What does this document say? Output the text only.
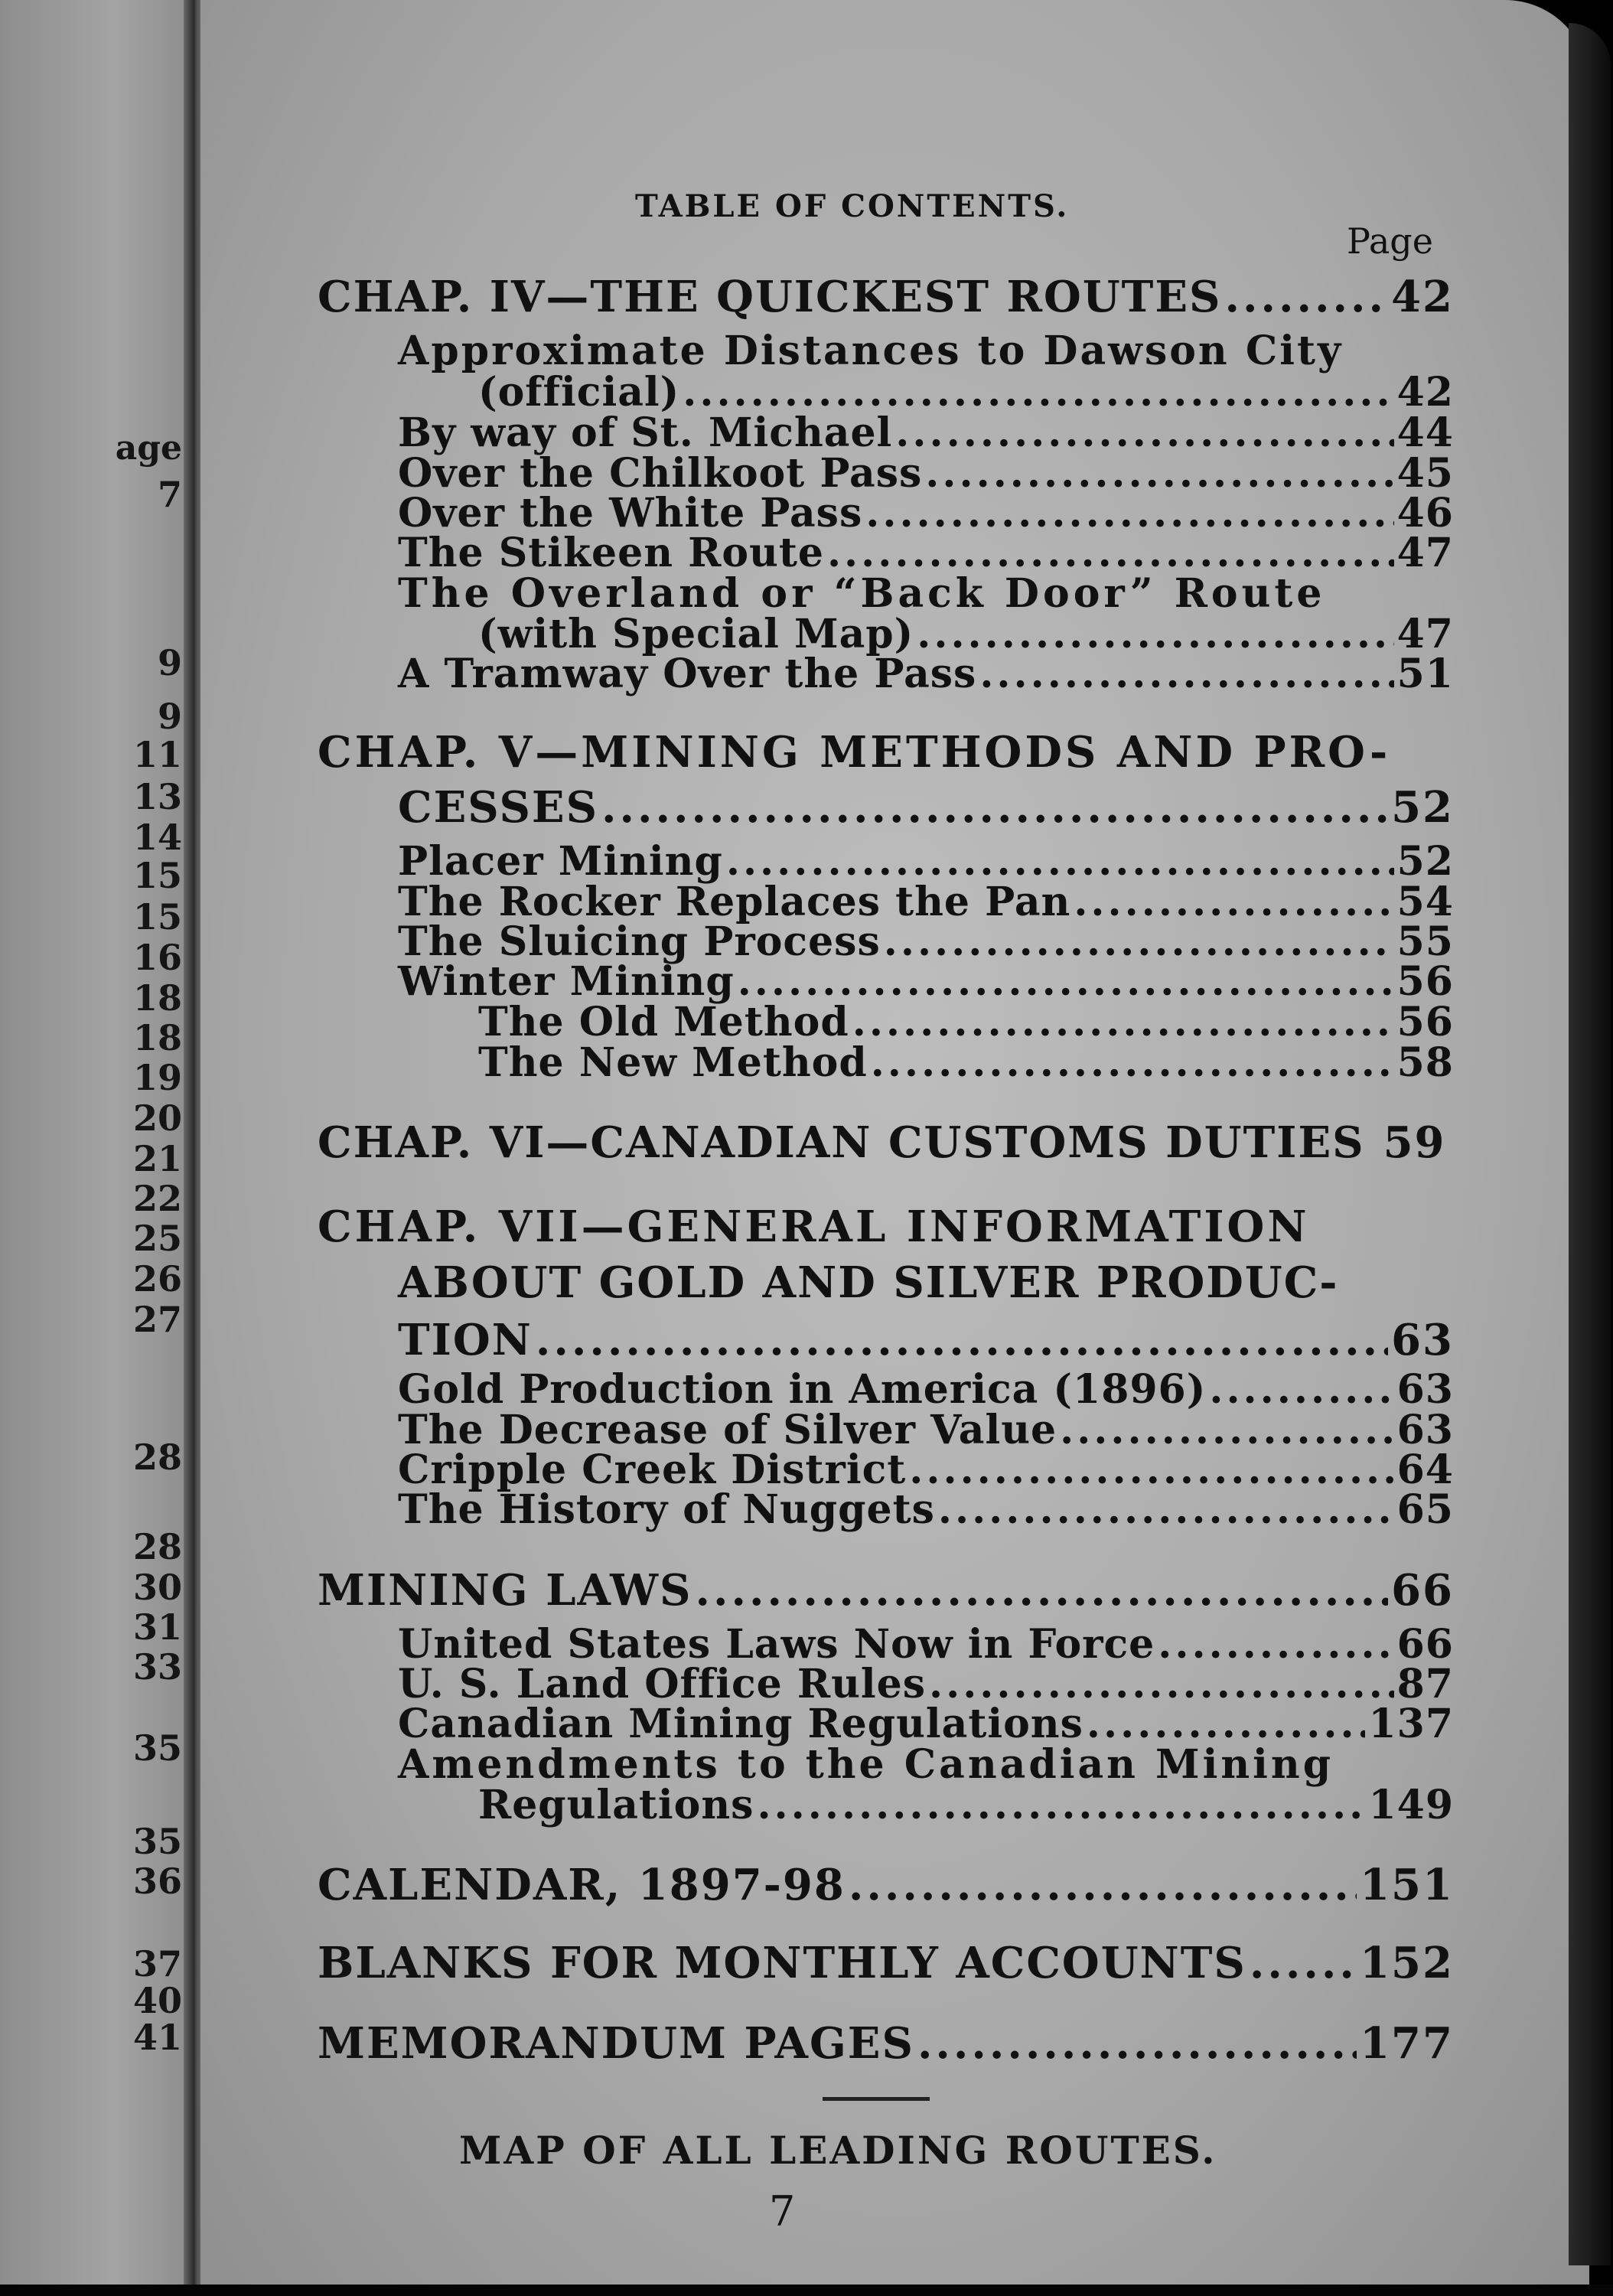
age
7
9
9
11
13
14
15
15
16
18
18
19
20
21
22
25
26
27
28
28
30
31
33
35
35
36
37
40
41
TABLE OF CONTENTS.
Page
CHAP. IV—THE QUICKEST ROUTES .....	42
Approximate Distances to Dawson City
(official) .....	42
By way of St. Michael .....	44
Over the Chilkoot Pass .....	45
Over the White Pass .....	46
The Stikeen Route .....	47
The Overland or “Back Door” Route
(with Special Map) .....	47
A Tramway Over the Pass .....	51
CHAP. V—MINING METHODS AND PRO-
CESSES .....	52
Placer Mining .....	52
The Rocker Replaces the Pan .....	54
The Sluicing Process .....	55
Winter Mining .....	56
The Old Method .....	56
The New Method .....	58
CHAP. VI—CANADIAN CUSTOMS DUTIES 59
CHAP. VII—GENERAL INFORMATION
ABOUT GOLD AND SILVER PRODUC-
TION .....	63
Gold Production in America (1896) .....	63
The Decrease of Silver Value .....	63
Cripple Creek District .....	64
The History of Nuggets .....	65
MINING LAWS .....	66
United States Laws Now in Force .....	66
U. S. Land Office Rules .....	87
Canadian Mining Regulations .....	137
Amendments to the Canadian Mining
Regulations .....	149
CALENDAR, 1897-98 .....	151
BLANKS FOR MONTHLY ACCOUNTS .....	152
MEMORANDUM PAGES .....	177
MAP OF ALL LEADING ROUTES.
7
